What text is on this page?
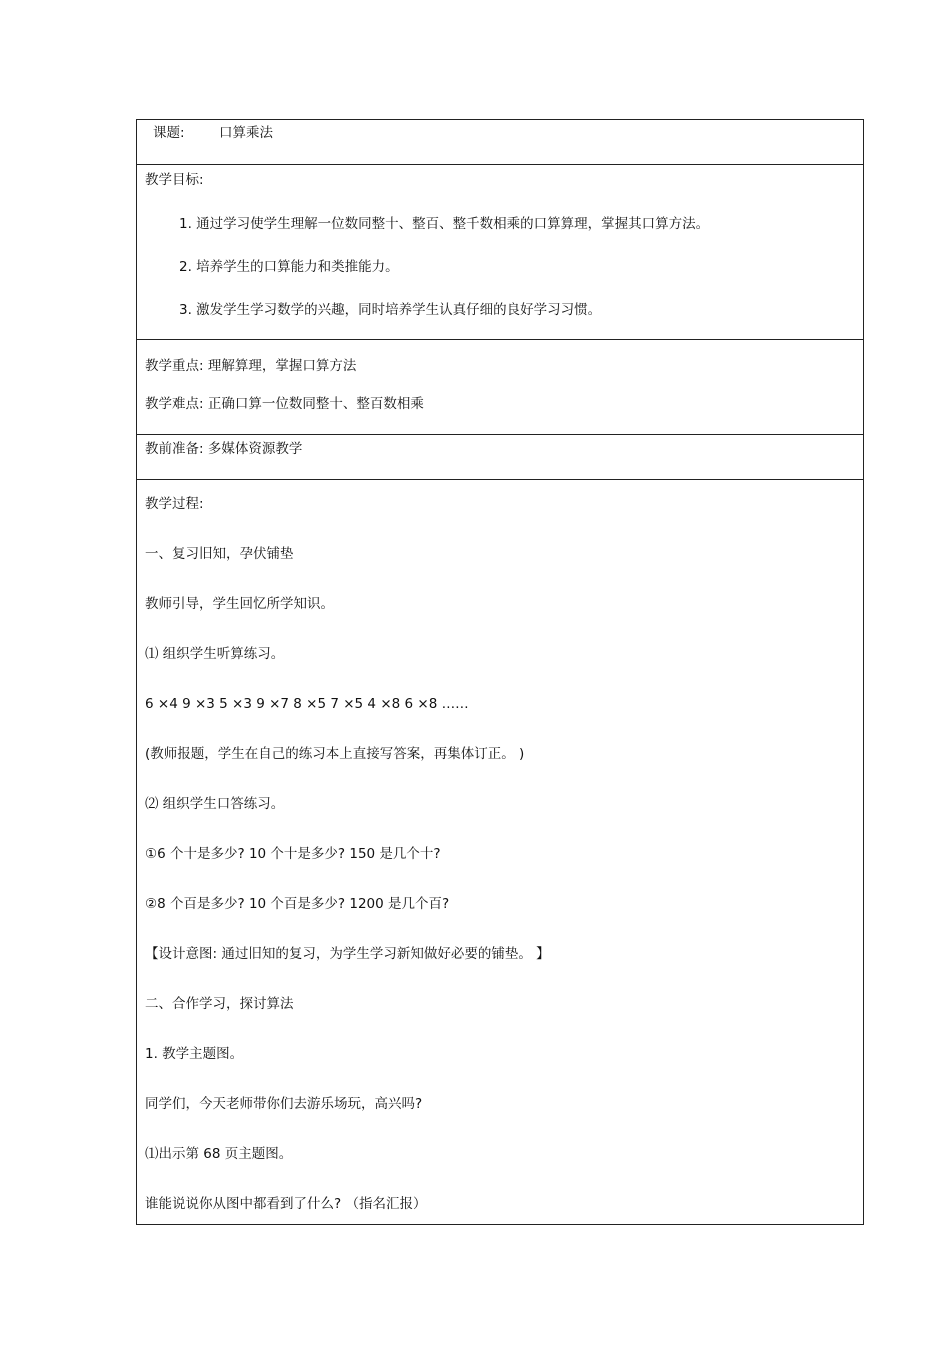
课题:	口算乘法
教学目标:
1. 通过学习使学生理解一位数同整十、整百、整千数相乘的口算算理，掌握其口算方法。
2. 培养学生的口算能力和类推能力。
3. 激发学生学习数学的兴趣，同时培养学生认真仔细的良好学习习惯。
教学重点: 理解算理，掌握口算方法
教学难点: 正确口算一位数同整十、整百数相乘
教前准备: 多媒体资源教学
教学过程:
一、复习旧知，孕伏铺垫
教师引导，学生回忆所学知识。
⑴ 组织学生听算练习。
6 ×4 9 ×3 5 ×3 9 ×7 8 ×5 7 ×5 4 ×8 6 ×8 ……
(教师报题，学生在自己的练习本上直接写答案，再集体订正。 )
⑵ 组织学生口答练习。
①6 个十是多少? 10 个十是多少? 150 是几个十?
②8 个百是多少? 10 个百是多少? 1200 是几个百?
【设计意图: 通过旧知的复习，为学生学习新知做好必要的铺垫。 】
二、合作学习，探讨算法
1. 教学主题图。
同学们，今天老师带你们去游乐场玩，高兴吗?
⑴出示第 68 页主题图。
谁能说说你从图中都看到了什么? （指名汇报）
